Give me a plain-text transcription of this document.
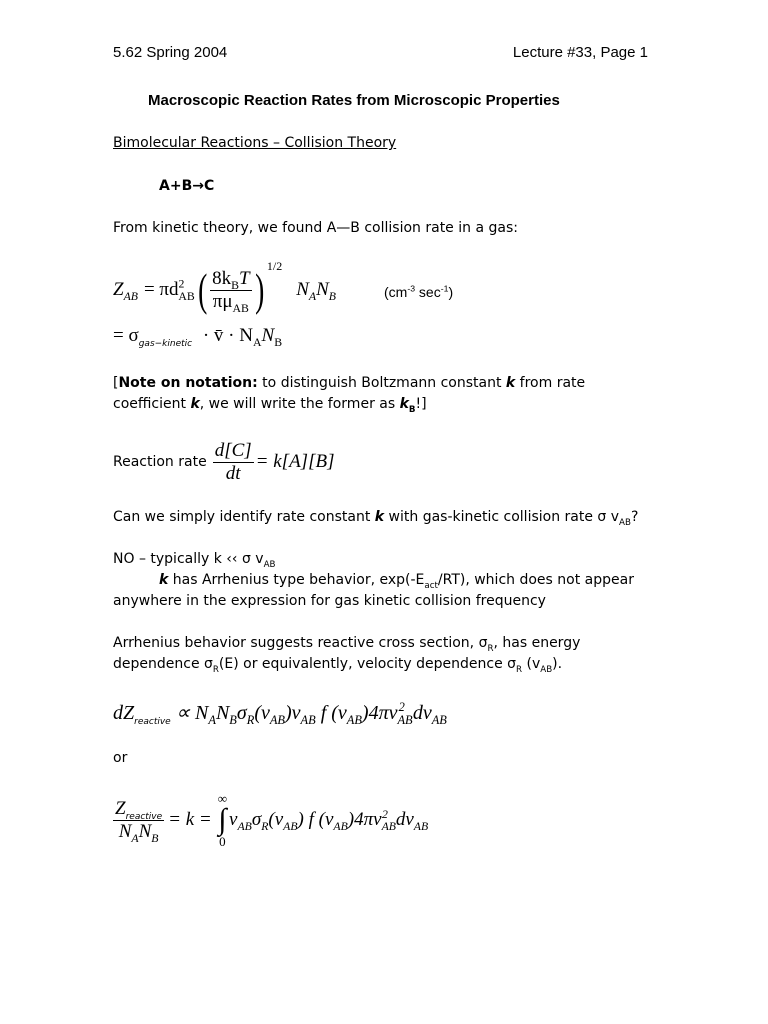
5.62 Spring 2004	Lecture #33, Page 1
Macroscopic Reaction Rates from Microscopic Properties
Bimolecular Reactions – Collision Theory
A+B→C
From kinetic theory, we found A—B collision rate in a gas:
$Z_{AB} = \pi d^2_{AB}$ ( $\frac{8k_BT}{\pi\mu_{AB}}$ ) 1/2
$N_AN_B$	($cm^{-3}$ $\sec^{-1}$)
= $\sigma_{gas-kinetic}$ · v̄ · $N_AN_B$
[Note on notation: to distinguish Boltzmann constant k from rate
coefficient k, we will write the former as $k_B$!]
Reaction rate $\frac{d[C]}{dt} = k[A][B]$
Can we simply identify rate constant k with gas-kinetic collision rate σ $v_{AB}$?
NO – typically k ‹‹ σ $v_{AB}$
k has Arrhenius type behavior, $\exp(-E_{act}/RT)$, which does not appear
anywhere in the expression for gas kinetic collision frequency
Arrhenius behavior suggests reactive cross section, $\sigma_R$, has energy
dependence $\sigma_R(E)$ or equivalently, velocity dependence $\sigma_R$ $(v_{AB})$.
$dZ_{reactive} \propto N_AN_B\sigma_R(v_{AB})v_{AB}$ f $(v_{AB})4\pi v_{AB}^2$ $dv_{AB}$
or
$\frac{Z_{reactive}}{N_AN_B} = k$ =
∞
∫
0
$v_{AB}\sigma_R(v_{AB})$ f $(v_{AB})4\pi v_{AB}^2$ $dv_{AB}$
